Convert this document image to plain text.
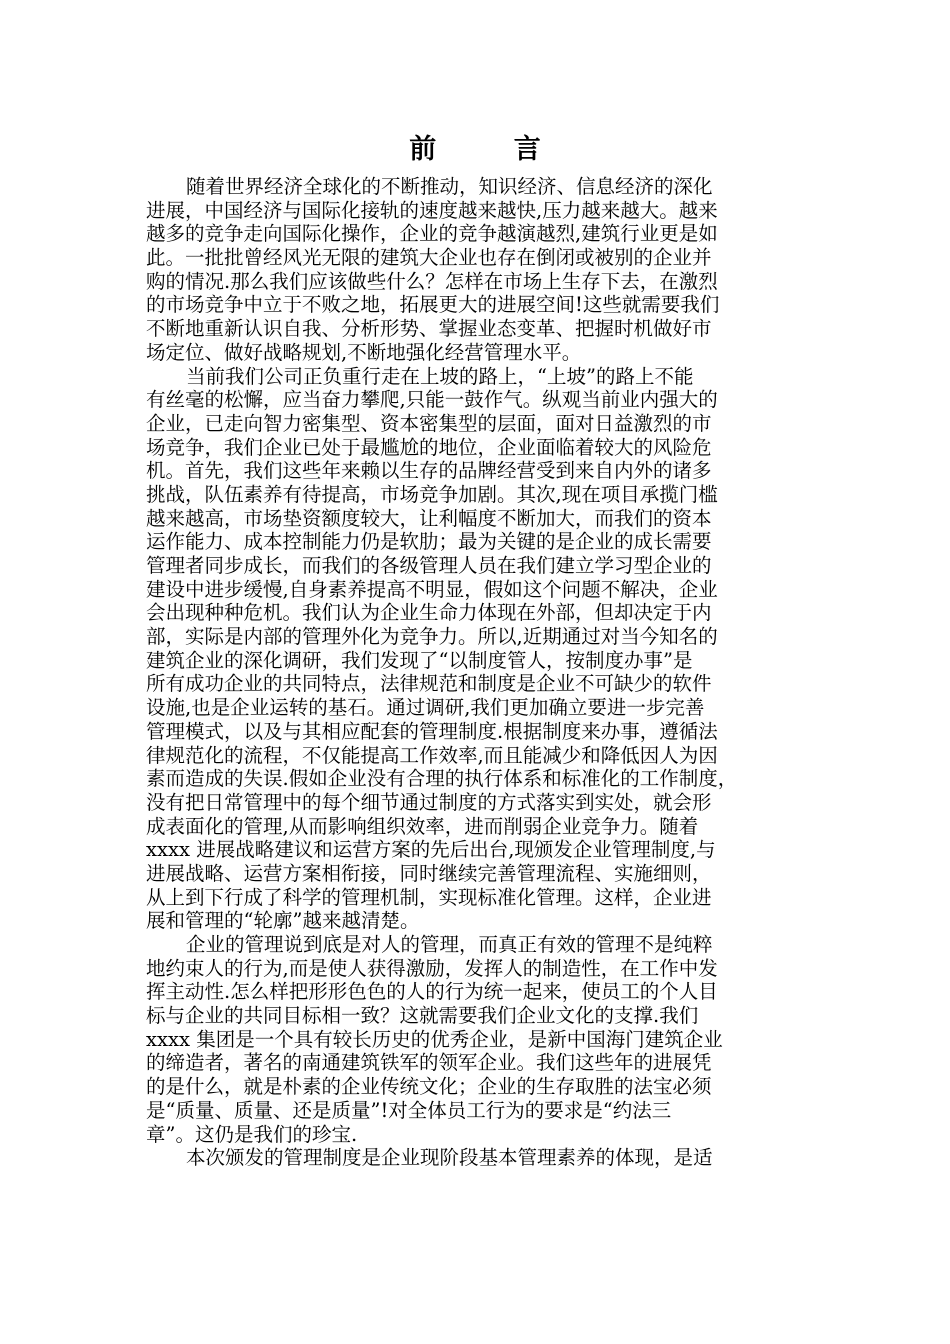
前 言
随着世界经济全球化的不断推动，知识经济、信息经济的深化
进展，中国经济与国际化接轨的速度越来越快,压力越来越大。越来
越多的竞争走向国际化操作，企业的竞争越演越烈,建筑行业更是如
此。一批批曾经风光无限的建筑大企业也存在倒闭或被别的企业并
购的情况.那么我们应该做些什么？怎样在市场上生存下去，在激烈
的市场竞争中立于不败之地，拓展更大的进展空间!这些就需要我们
不断地重新认识自我、分析形势、掌握业态变革、把握时机做好市
场定位、做好战略规划,不断地强化经营管理水平。
当前我们公司正负重行走在上坡的路上，“上坡”的路上不能
有丝毫的松懈，应当奋力攀爬,只能一鼓作气。纵观当前业内强大的
企业，已走向智力密集型、资本密集型的层面，面对日益激烈的市
场竞争，我们企业已处于最尴尬的地位，企业面临着较大的风险危
机。首先，我们这些年来赖以生存的品牌经营受到来自内外的诸多
挑战，队伍素养有待提高，市场竞争加剧。其次,现在项目承揽门槛
越来越高，市场垫资额度较大，让利幅度不断加大，而我们的资本
运作能力、成本控制能力仍是软肋；最为关键的是企业的成长需要
管理者同步成长，而我们的各级管理人员在我们建立学习型企业的
建设中进步缓慢,自身素养提高不明显，假如这个问题不解决，企业
会出现种种危机。我们认为企业生命力体现在外部，但却决定于内
部，实际是内部的管理外化为竞争力。所以,近期通过对当今知名的
建筑企业的深化调研，我们发现了“以制度管人，按制度办事”是
所有成功企业的共同特点，法律规范和制度是企业不可缺少的软件
设施,也是企业运转的基石。通过调研,我们更加确立要进一步完善
管理模式，以及与其相应配套的管理制度.根据制度来办事，遵循法
律规范化的流程，不仅能提高工作效率,而且能减少和降低因人为因
素而造成的失误.假如企业没有合理的执行体系和标准化的工作制度，
没有把日常管理中的每个细节通过制度的方式落实到实处，就会形
成表面化的管理,从而影响组织效率，进而削弱企业竞争力。随着
xxxx 进展战略建议和运营方案的先后出台,现颁发企业管理制度,与
进展战略、运营方案相衔接，同时继续完善管理流程、实施细则，
从上到下行成了科学的管理机制，实现标准化管理。这样，企业进
展和管理的“轮廓”越来越清楚。
企业的管理说到底是对人的管理，而真正有效的管理不是纯粹
地约束人的行为,而是使人获得激励，发挥人的制造性，在工作中发
挥主动性.怎么样把形形色色的人的行为统一起来，使员工的个人目
标与企业的共同目标相一致？这就需要我们企业文化的支撑.我们
xxxx 集团是一个具有较长历史的优秀企业，是新中国海门建筑企业
的缔造者，著名的南通建筑铁军的领军企业。我们这些年的进展凭
的是什么，就是朴素的企业传统文化；企业的生存取胜的法宝必须
是“质量、质量、还是质量”!对全体员工行为的要求是“约法三
章”。这仍是我们的珍宝.
本次颁发的管理制度是企业现阶段基本管理素养的体现，是适
